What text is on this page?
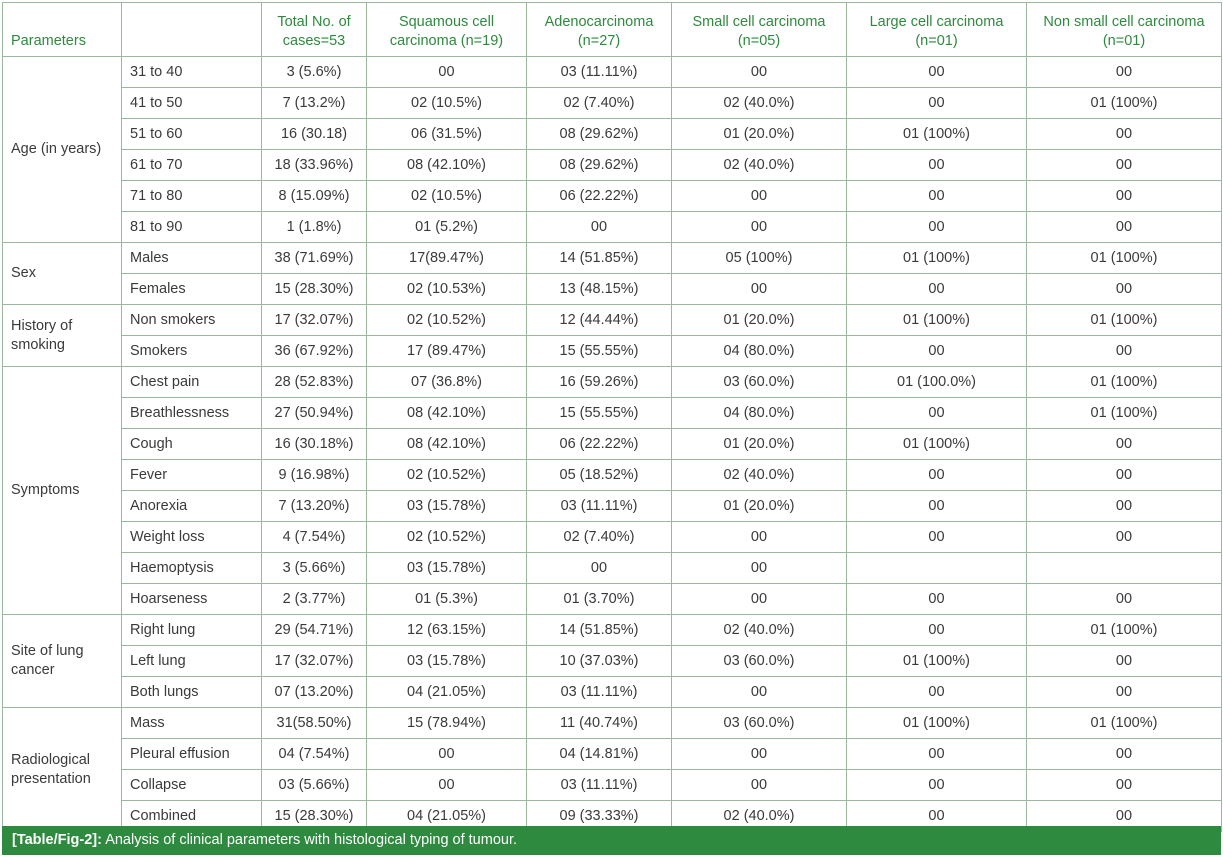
Parameters		Total No. of cases=53	Squamous cell carcinoma (n=19)	Adenocarcinoma (n=27)	Small cell carcinoma (n=05)	Large cell carcinoma (n=01)	Non small cell carcinoma (n=01)
Age (in years)	31 to 40	3 (5.6%)	00	03 (11.11%)	00	00	00
	41 to 50	7 (13.2%)	02 (10.5%)	02 (7.40%)	02 (40.0%)	00	01 (100%)
	51 to 60	16 (30.18)	06 (31.5%)	08 (29.62%)	01 (20.0%)	01 (100%)	00
	61 to 70	18 (33.96%)	08 (42.10%)	08 (29.62%)	02 (40.0%)	00	00
	71 to 80	8 (15.09%)	02 (10.5%)	06 (22.22%)	00	00	00
	81 to 90	1 (1.8%)	01 (5.2%)	00	00	00	00
Sex	Males	38 (71.69%)	17(89.47%)	14 (51.85%)	05 (100%)	01 (100%)	01 (100%)
	Females	15 (28.30%)	02 (10.53%)	13 (48.15%)	00	00	00
History of smoking	Non smokers	17 (32.07%)	02 (10.52%)	12 (44.44%)	01 (20.0%)	01 (100%)	01 (100%)
	Smokers	36 (67.92%)	17 (89.47%)	15 (55.55%)	04 (80.0%)	00	00
Symptoms	Chest pain	28 (52.83%)	07 (36.8%)	16 (59.26%)	03 (60.0%)	01 (100.0%)	01 (100%)
	Breathlessness	27 (50.94%)	08 (42.10%)	15 (55.55%)	04 (80.0%)	00	01 (100%)
	Cough	16 (30.18%)	08 (42.10%)	06 (22.22%)	01 (20.0%)	01 (100%)	00
	Fever	9 (16.98%)	02 (10.52%)	05 (18.52%)	02 (40.0%)	00	00
	Anorexia	7 (13.20%)	03 (15.78%)	03 (11.11%)	01 (20.0%)	00	00
	Weight loss	4 (7.54%)	02 (10.52%)	02 (7.40%)	00	00	00
	Haemoptysis	3 (5.66%)	03 (15.78%)	00	00		
	Hoarseness	2 (3.77%)	01 (5.3%)	01 (3.70%)	00	00	00
Site of lung cancer	Right lung	29 (54.71%)	12 (63.15%)	14 (51.85%)	02 (40.0%)	00	01 (100%)
	Left lung	17 (32.07%)	03 (15.78%)	10 (37.03%)	03 (60.0%)	01 (100%)	00
	Both lungs	07 (13.20%)	04 (21.05%)	03 (11.11%)	00	00	00
Radiological presentation	Mass	31(58.50%)	15 (78.94%)	11 (40.74%)	03 (60.0%)	01 (100%)	01 (100%)
	Pleural effusion	04 (7.54%)	00	04 (14.81%)	00	00	00
	Collapse	03 (5.66%)	00	03 (11.11%)	00	00	00
	Combined	15 (28.30%)	04 (21.05%)	09 (33.33%)	02 (40.0%)	00	00
[Table/Fig-2]: Analysis of clinical parameters with histological typing of tumour.
